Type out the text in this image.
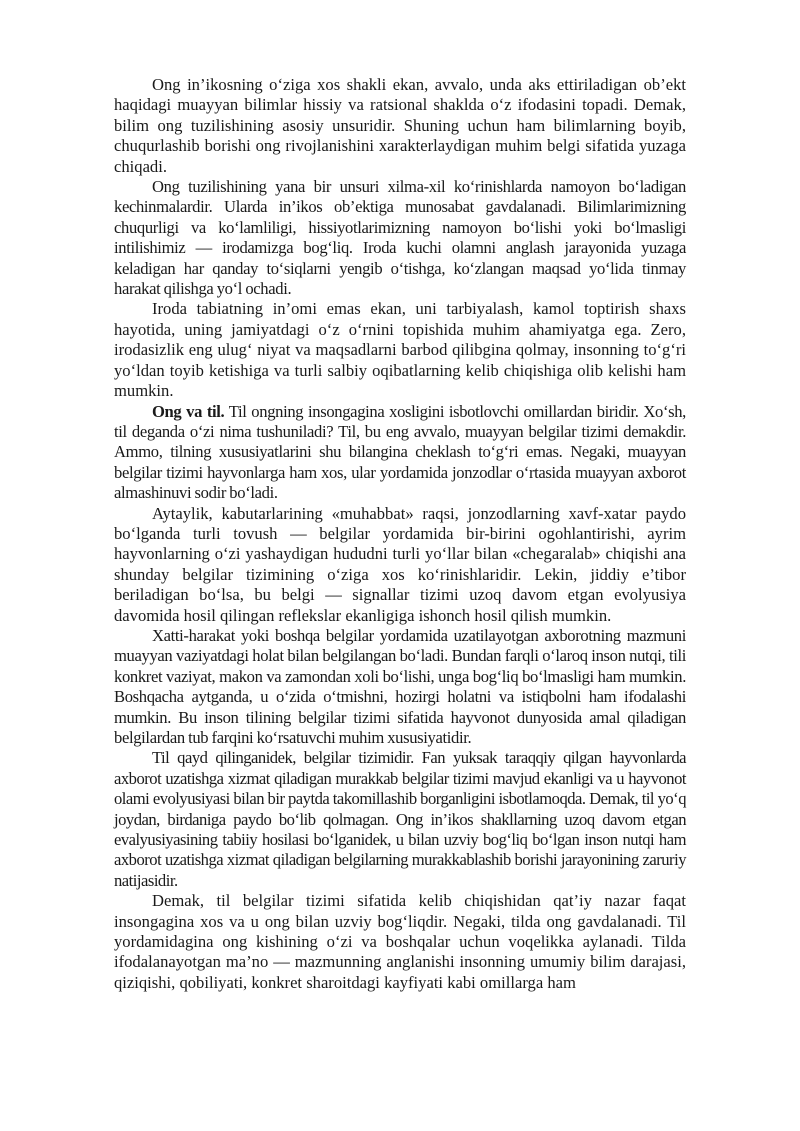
Ong in’ikosning o‘ziga xos shakli ekan, avvalo, unda aks ettiriladigan ob’ekt haqidagi muayyan bilimlar hissiy va ratsional shaklda o‘z ifodasini topadi. Demak, bilim ong tuzilishining asosiy unsuridir. Shuning uchun ham bilimlarning boyib, chuqurlashib borishi ong rivojlanishini xarakterlaydigan muhim belgi sifatida yuzaga chiqadi.

Ong tuzilishining yana bir unsuri xilma-xil ko‘rinishlarda namoyon bo‘ladigan kechinmalardir. Ularda in’ikos ob’ektiga munosabat gavdalanadi. Bilimlarimizning chuqurligi va ko‘lamliligi, hissiyotlarimizning namoyon bo‘lishi yoki bo‘lmasligi intilishimiz — irodamizga bog‘liq. Iroda kuchi olamni anglash jarayonida yuzaga keladigan har qanday to‘siqlarni yengib o‘tishga, ko‘zlangan maqsad yo‘lida tinmay harakat qilishga yo‘l ochadi.

Iroda tabiatning in’omi emas ekan, uni tarbiyalash, kamol toptirish shaxs hayotida, uning jamiyatdagi o‘z o‘rnini topishida muhim ahamiyatga ega. Zero, irodasizlik eng ulug‘ niyat va maqsadlarni barbod qilibgina qolmay, insonning to‘g‘ri yo‘ldan toyib ketishiga va turli salbiy oqibatlarning kelib chiqishiga olib kelishi ham mumkin.

Ong va til. Til ongning insongagina xosligini isbotlovchi omillardan biridir. Xo‘sh, til deganda o‘zi nima tushuniladi? Til, bu eng avvalo, muayyan belgilar tizimi demakdir. Ammo, tilning xususiyatlarini shu bilangina cheklash to‘g‘ri emas. Negaki, muayyan belgilar tizimi hayvonlarga ham xos, ular yordamida jonzodlar o‘rtasida muayyan axborot almashinuvi sodir bo‘ladi.

Aytaylik, kabutarlarining «muhabbat» raqsi, jonzodlarning xavf-xatar paydo bo‘lganda turli tovush — belgilar yordamida bir-birini ogohlantirishi, ayrim hayvonlarning o‘zi yashaydigan hududni turli yo‘llar bilan «chegaralab» chiqishi ana shunday belgilar tizimining o‘ziga xos ko‘rinishlaridir. Lekin, jiddiy e’tibor beriladigan bo‘lsa, bu belgi — signallar tizimi uzoq davom etgan evolyusiya davomida hosil qilingan reflekslar ekanligiga ishonch hosil qilish mumkin.

Xatti-harakat yoki boshqa belgilar yordamida uzatilayotgan axborotning mazmuni muayyan vaziyatdagi holat bilan belgilangan bo‘ladi. Bundan farqli o‘laroq inson nutqi, tili konkret vaziyat, makon va zamondan xoli bo‘lishi, unga bog‘liq bo‘lmasligi ham mumkin. Boshqacha aytganda, u o‘zida o‘tmishni, hozirgi holatni va istiqbolni ham ifodalashi mumkin. Bu inson tilining belgilar tizimi sifatida hayvonot dunyosida amal qiladigan belgilardan tub farqini ko‘rsatuvchi muhim xususiyatidir.

Til qayd qilinganidek, belgilar tizimidir. Fan yuksak taraqqiy qilgan hayvonlarda axborot uzatishga xizmat qiladigan murakkab belgilar tizimi mavjud ekanligi va u hayvonot olami evolyusiyasi bilan bir paytda takomillashib borganligini isbotlamoqda. Demak, til yo‘q joydan, birdaniga paydo bo‘lib qolmagan. Ong in’ikos shakllarning uzoq davom etgan evalyusiyasining tabiiy hosilasi bo‘lganidek, u bilan uzviy bog‘liq bo‘lgan inson nutqi ham axborot uzatishga xizmat qiladigan belgilarning murakkablashib borishi jarayonining zaruriy natijasidir.

Demak, til belgilar tizimi sifatida kelib chiqishidan qat’iy nazar faqat insongagina xos va u ong bilan uzviy bog‘liqdir. Negaki, tilda ong gavdalanadi. Til yordamidagina ong kishining o‘zi va boshqalar uchun voqelikka aylanadi. Tilda ifodalanayotgan ma’no — mazmunning anglanishi insonning umumiy bilim darajasi, qiziqishi, qobiliyati, konkret sharoitdagi kayfiyati kabi omillarga ham
